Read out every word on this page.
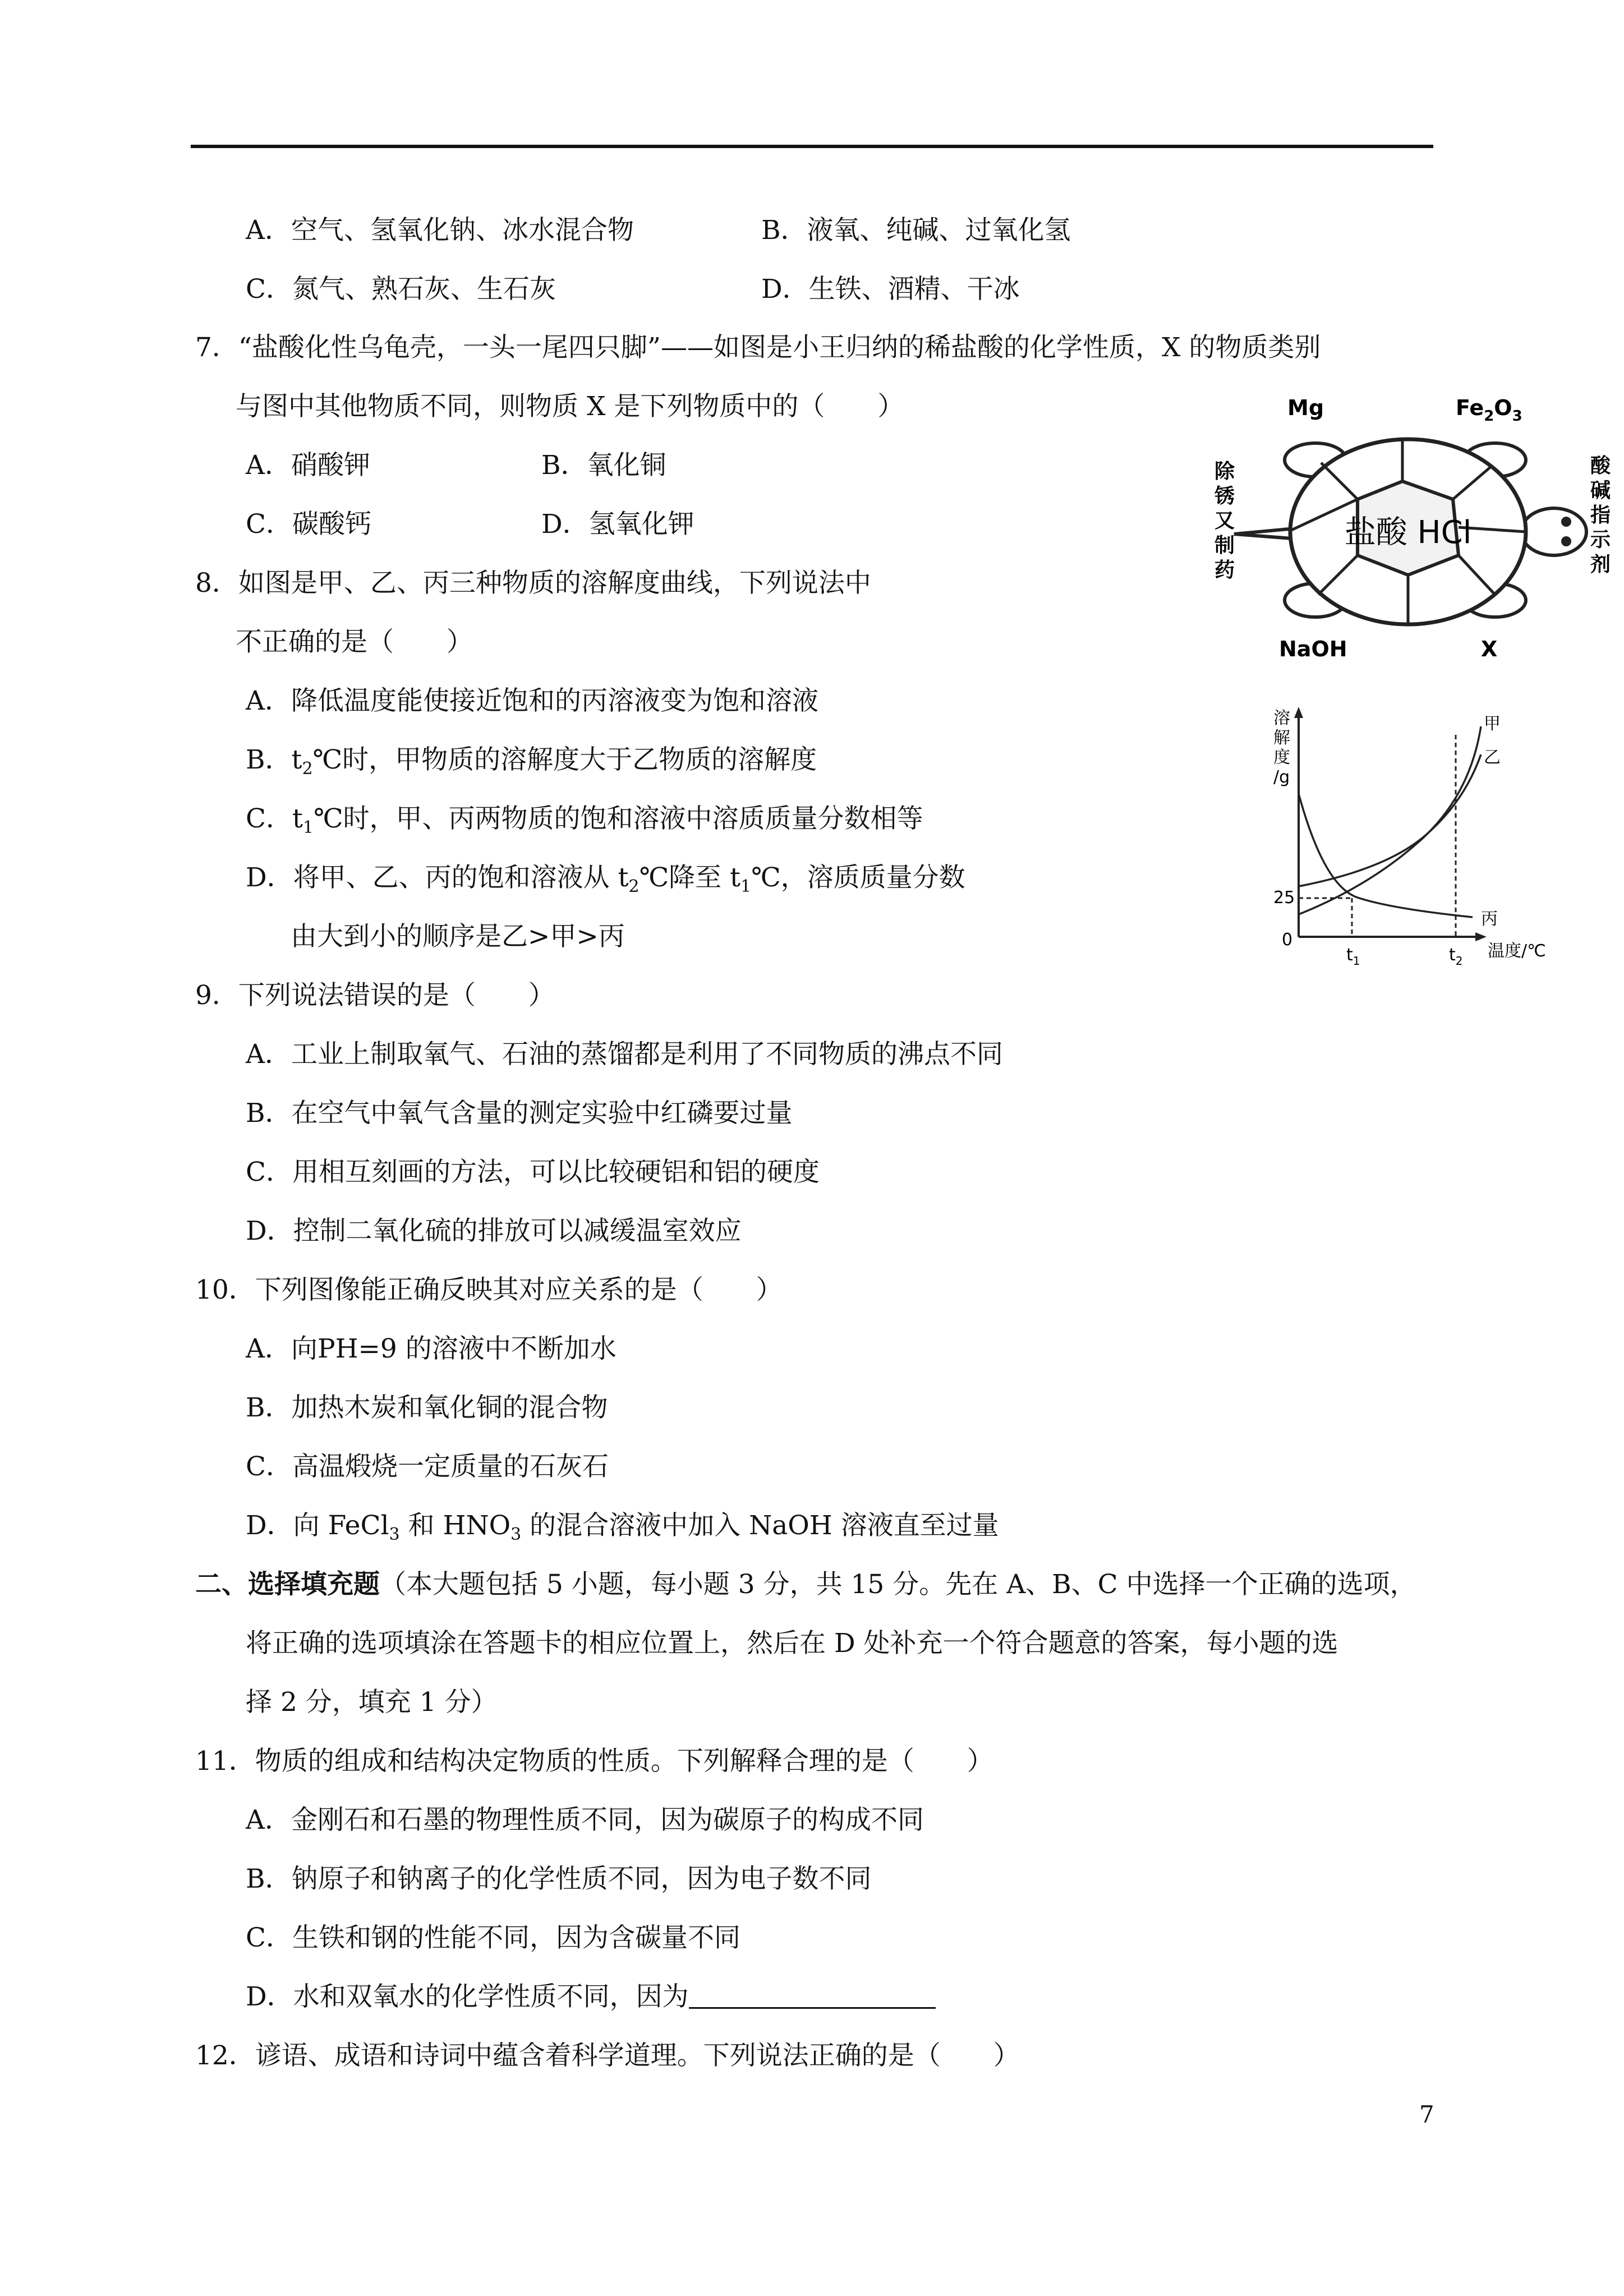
A．空气、氢氧化钠、冰水混合物	B．液氧、纯碱、过氧化氢
C．氮气、熟石灰、生石灰	D．生铁、酒精、干冰
7．“盐酸化性乌龟壳，一头一尾四只脚”——如图是小王归纳的稀盐酸的化学性质，X 的物质类别
与图中其他物质不同，则物质 X 是下列物质中的（　　）
A．硝酸钾	B．氧化铜
C．碳酸钙	D．氢氧化钾
Mg	$Fe_2O_3$
盐酸 HCl
除
锈
又
制
药
酸
碱
指
示
剂
NaOH	X
8．如图是甲、乙、丙三种物质的溶解度曲线，下列说法中
不正确的是（　　）
A．降低温度能使接近饱和的丙溶液变为饱和溶液
B．$t_2℃$时，甲物质的溶解度大于乙物质的溶解度
C．$t_1℃$时，甲、丙两物质的饱和溶液中溶质质量分数相等
D．将甲、乙、丙的饱和溶液从 $t_2℃$降至 $t_1℃$，溶质质量分数
由大到小的顺序是乙>甲>丙
溶
解
度
/g
温度/℃
25
0
$t_1$	$t_2$
甲
乙
丙
9．下列说法错误的是（　　）
A．工业上制取氧气、石油的蒸馏都是利用了不同物质的沸点不同
B．在空气中氧气含量的测定实验中红磷要过量
C．用相互刻画的方法，可以比较硬铝和铝的硬度
D．控制二氧化硫的排放可以减缓温室效应
10．下列图像能正确反映其对应关系的是（　　）
A．向PH=9 的溶液中不断加水
B．加热木炭和氧化铜的混合物
C．高温煅烧一定质量的石灰石
D．向 FeCl$_3$ 和 $HNO_3$ 的混合溶液中加入 NaOH 溶液直至过量
二、选择填充题（本大题包括 5 小题，每小题 3 分，共 15 分。先在 A、B、C 中选择一个正确的选项，
将正确的选项填涂在答题卡的相应位置上，然后在 D 处补充一个符合题意的答案，每小题的选
择 2 分，填充 1 分）
11．物质的组成和结构决定物质的性质。下列解释合理的是（　　）
A．金刚石和石墨的物理性质不同，因为碳原子的构成不同
B．钠原子和钠离子的化学性质不同，因为电子数不同
C．生铁和钢的性能不同，因为含碳量不同
D．水和双氧水的化学性质不同，因为
12．谚语、成语和诗词中蕴含着科学道理。下列说法正确的是（　　）
7
